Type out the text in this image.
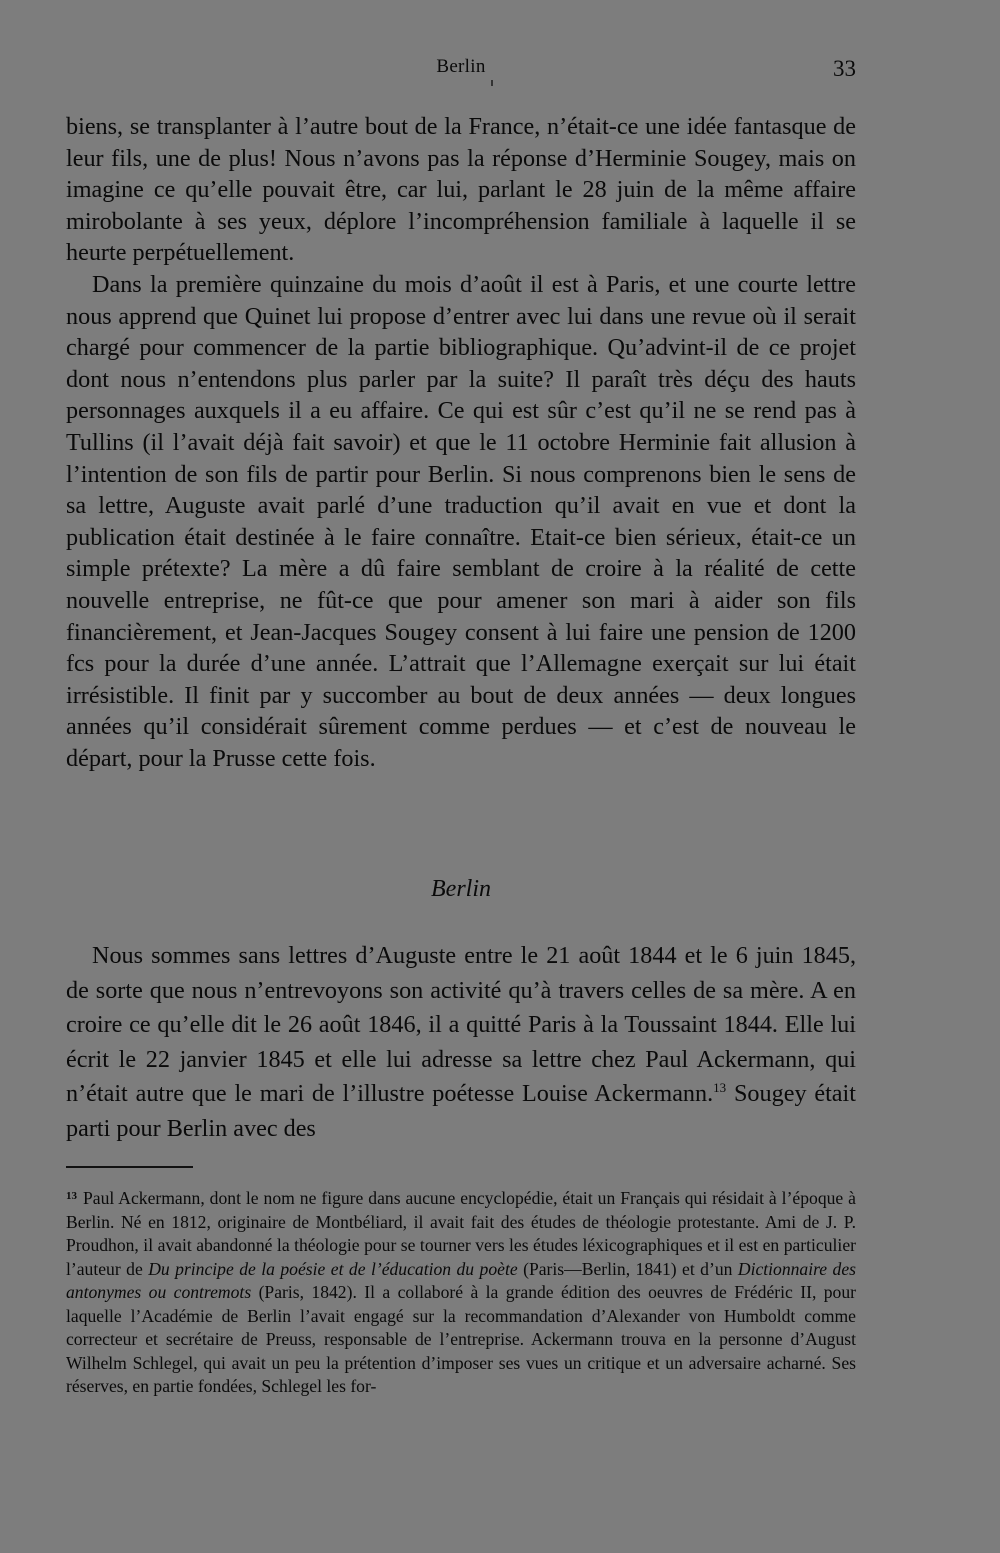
Berlin	33

biens, se transplanter à l’autre bout de la France, n’était-ce une idée fantasque de leur fils, une de plus! Nous n’avons pas la réponse d’Herminie Sougey, mais on imagine ce qu’elle pouvait être, car lui, parlant le 28 juin de la même affaire mirobolante à ses yeux, déplore l’incompréhension familiale à laquelle il se heurte perpétuellement.

Dans la première quinzaine du mois d’août il est à Paris, et une courte lettre nous apprend que Quinet lui propose d’entrer avec lui dans une revue où il serait chargé pour commencer de la partie bibliographique. Qu’advint-il de ce projet dont nous n’entendons plus parler par la suite? Il paraît très déçu des hauts personnages auxquels il a eu affaire. Ce qui est sûr c’est qu’il ne se rend pas à Tullins (il l’avait déjà fait savoir) et que le 11 octobre Herminie fait allusion à l’intention de son fils de partir pour Berlin. Si nous comprenons bien le sens de sa lettre, Auguste avait parlé d’une traduction qu’il avait en vue et dont la publication était destinée à le faire connaître. Etait-ce bien sérieux, était-ce un simple prétexte? La mère a dû faire semblant de croire à la réalité de cette nouvelle entreprise, ne fût-ce que pour amener son mari à aider son fils financièrement, et Jean-Jacques Sougey consent à lui faire une pension de 1200 fcs pour la durée d’une année. L’attrait que l’Allemagne exerçait sur lui était irrésistible. Il finit par y succomber au bout de deux années — deux longues années qu’il considérait sûrement comme perdues — et c’est de nouveau le départ, pour la Prusse cette fois.

Berlin

Nous sommes sans lettres d’Auguste entre le 21 août 1844 et le 6 juin 1845, de sorte que nous n’entrevoyons son activité qu’à travers celles de sa mère. A en croire ce qu’elle dit le 26 août 1846, il a quitté Paris à la Toussaint 1844. Elle lui écrit le 22 janvier 1845 et elle lui adresse sa lettre chez Paul Ackermann, qui n’était autre que le mari de l’illustre poétesse Louise Ackermann.$^{13}$ Sougey était parti pour Berlin avec des

$^{13}$ Paul Ackermann, dont le nom ne figure dans aucune encyclopédie, était un Français qui résidait à l’époque à Berlin. Né en 1812, originaire de Montbéliard, il avait fait des études de théologie protestante. Ami de J. P. Proudhon, il avait abandonné la théologie pour se tourner vers les études léxicographiques et il est en particulier l’auteur de Du principe de la poésie et de l’éducation du poète (Paris—Berlin, 1841) et d’un Dictionnaire des antonymes ou contremots (Paris, 1842). Il a collaboré à la grande édition des oeuvres de Frédéric II, pour laquelle l’Académie de Berlin l’avait engagé sur la recommandation d’Alexander von Humboldt comme correcteur et secrétaire de Preuss, responsable de l’entreprise. Ackermann trouva en la personne d’August Wilhelm Schlegel, qui avait un peu la prétention d’imposer ses vues un critique et un adversaire acharné. Ses réserves, en partie fondées, Schlegel les for-
